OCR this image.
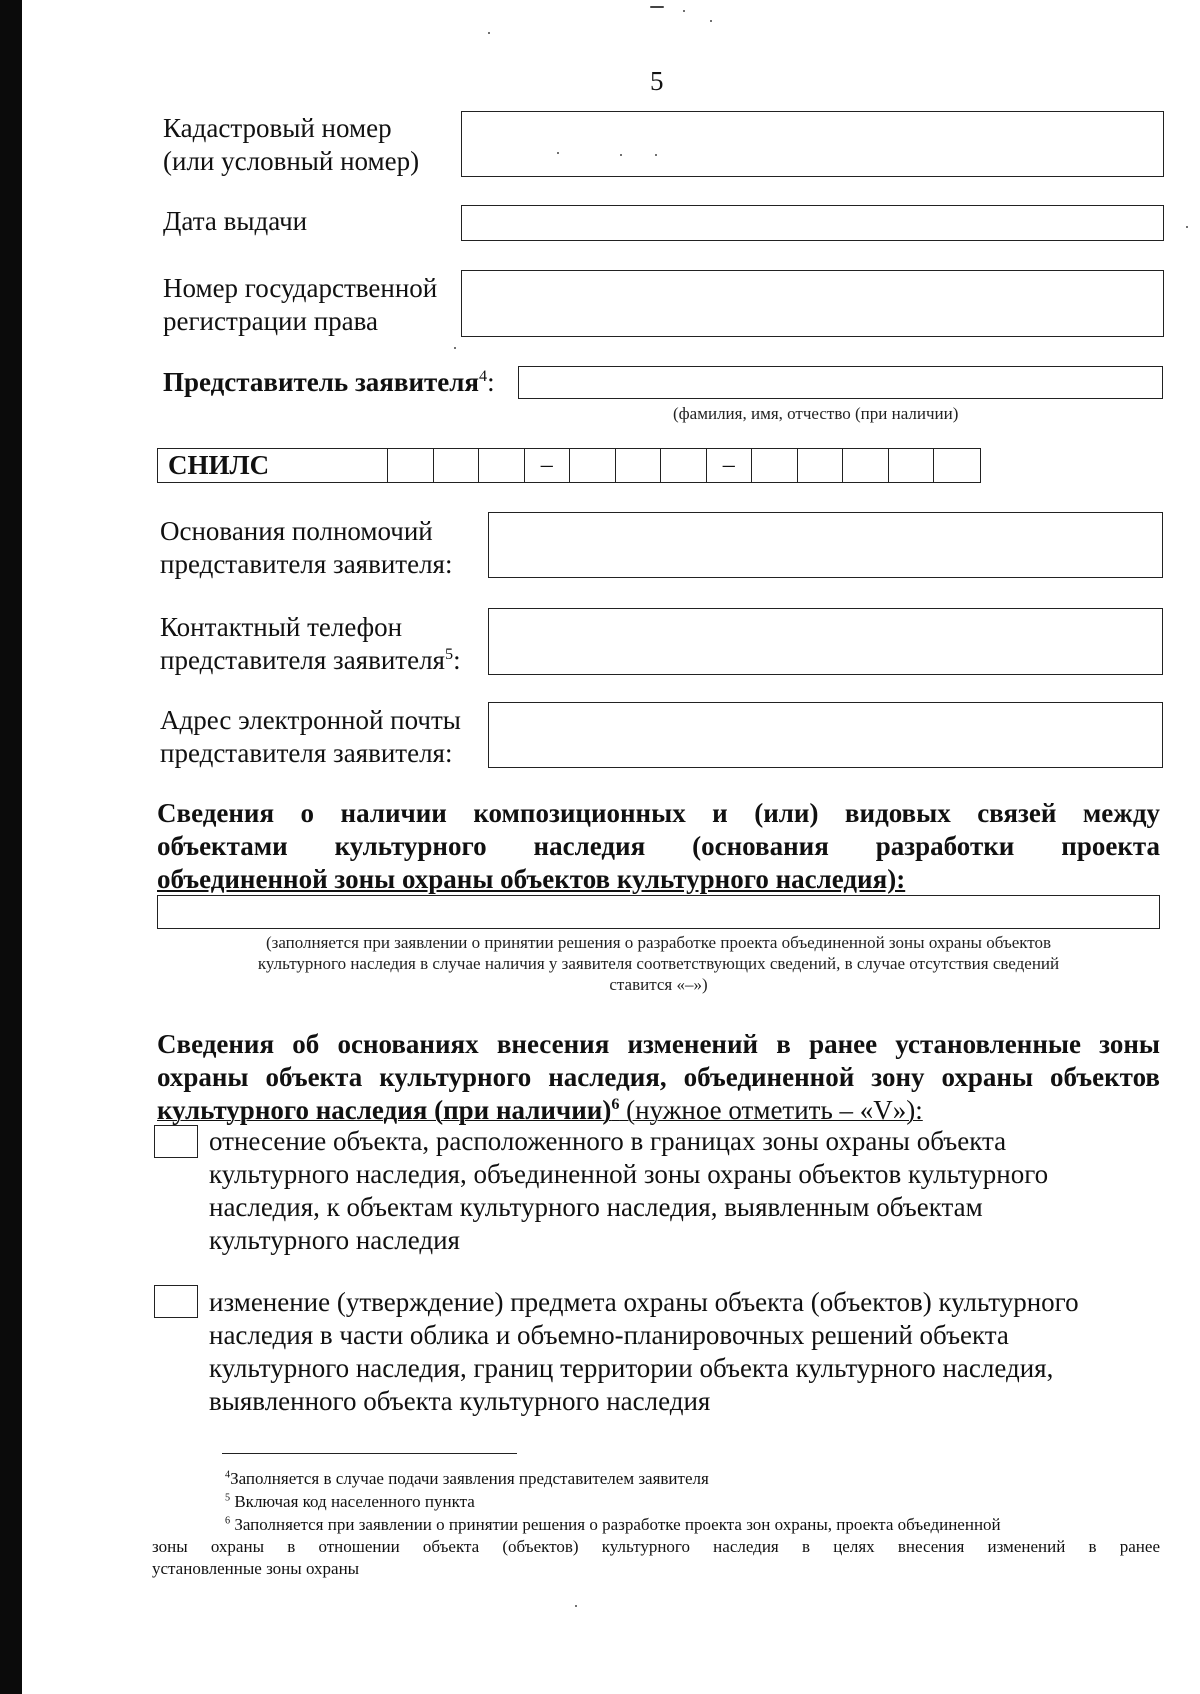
5
Кадастровый номер
(или условный номер)
Дата выдачи
Номер государственной
регистрации права
Представитель заявителя$^4$:
(фамилия, имя, отчество (при наличии)
СНИЛС	–	–
Основания полномочий
представителя заявителя:
Контактный телефон
представителя заявителя$^5$:
Адрес электронной почты
представителя заявителя:
Сведения о наличии композиционных и (или) видовых связей между
объектами культурного наследия (основания разработки проекта
объединенной зоны охраны объектов культурного наследия):
(заполняется при заявлении о принятии решения о разработке проекта объединенной зоны охраны объектов
культурного наследия в случае наличия у заявителя соответствующих сведений, в случае отсутствия сведений
ставится «–»)
Сведения об основаниях внесения изменений в ранее установленные зоны
охраны объекта культурного наследия, объединенной зону охраны объектов
культурного наследия (при наличии)$^6$ (нужное отметить – «V»):
отнесение объекта, расположенного в границах зоны охраны объекта
культурного наследия, объединенной зоны охраны объектов культурного
наследия, к объектам культурного наследия, выявленным объектам
культурного наследия
изменение (утверждение) предмета охраны объекта (объектов) культурного
наследия в части облика и объемно-планировочных решений объекта
культурного наследия, границ территории объекта культурного наследия,
выявленного объекта культурного наследия
$^4$Заполняется в случае подачи заявления представителем заявителя
$^5$ Включая код населенного пункта
$^6$ Заполняется при заявлении о принятии решения о разработке проекта зон охраны, проекта объединенной
зоны охраны в отношении объекта (объектов) культурного наследия в целях внесения изменений в ранее
установленные зоны охраны
